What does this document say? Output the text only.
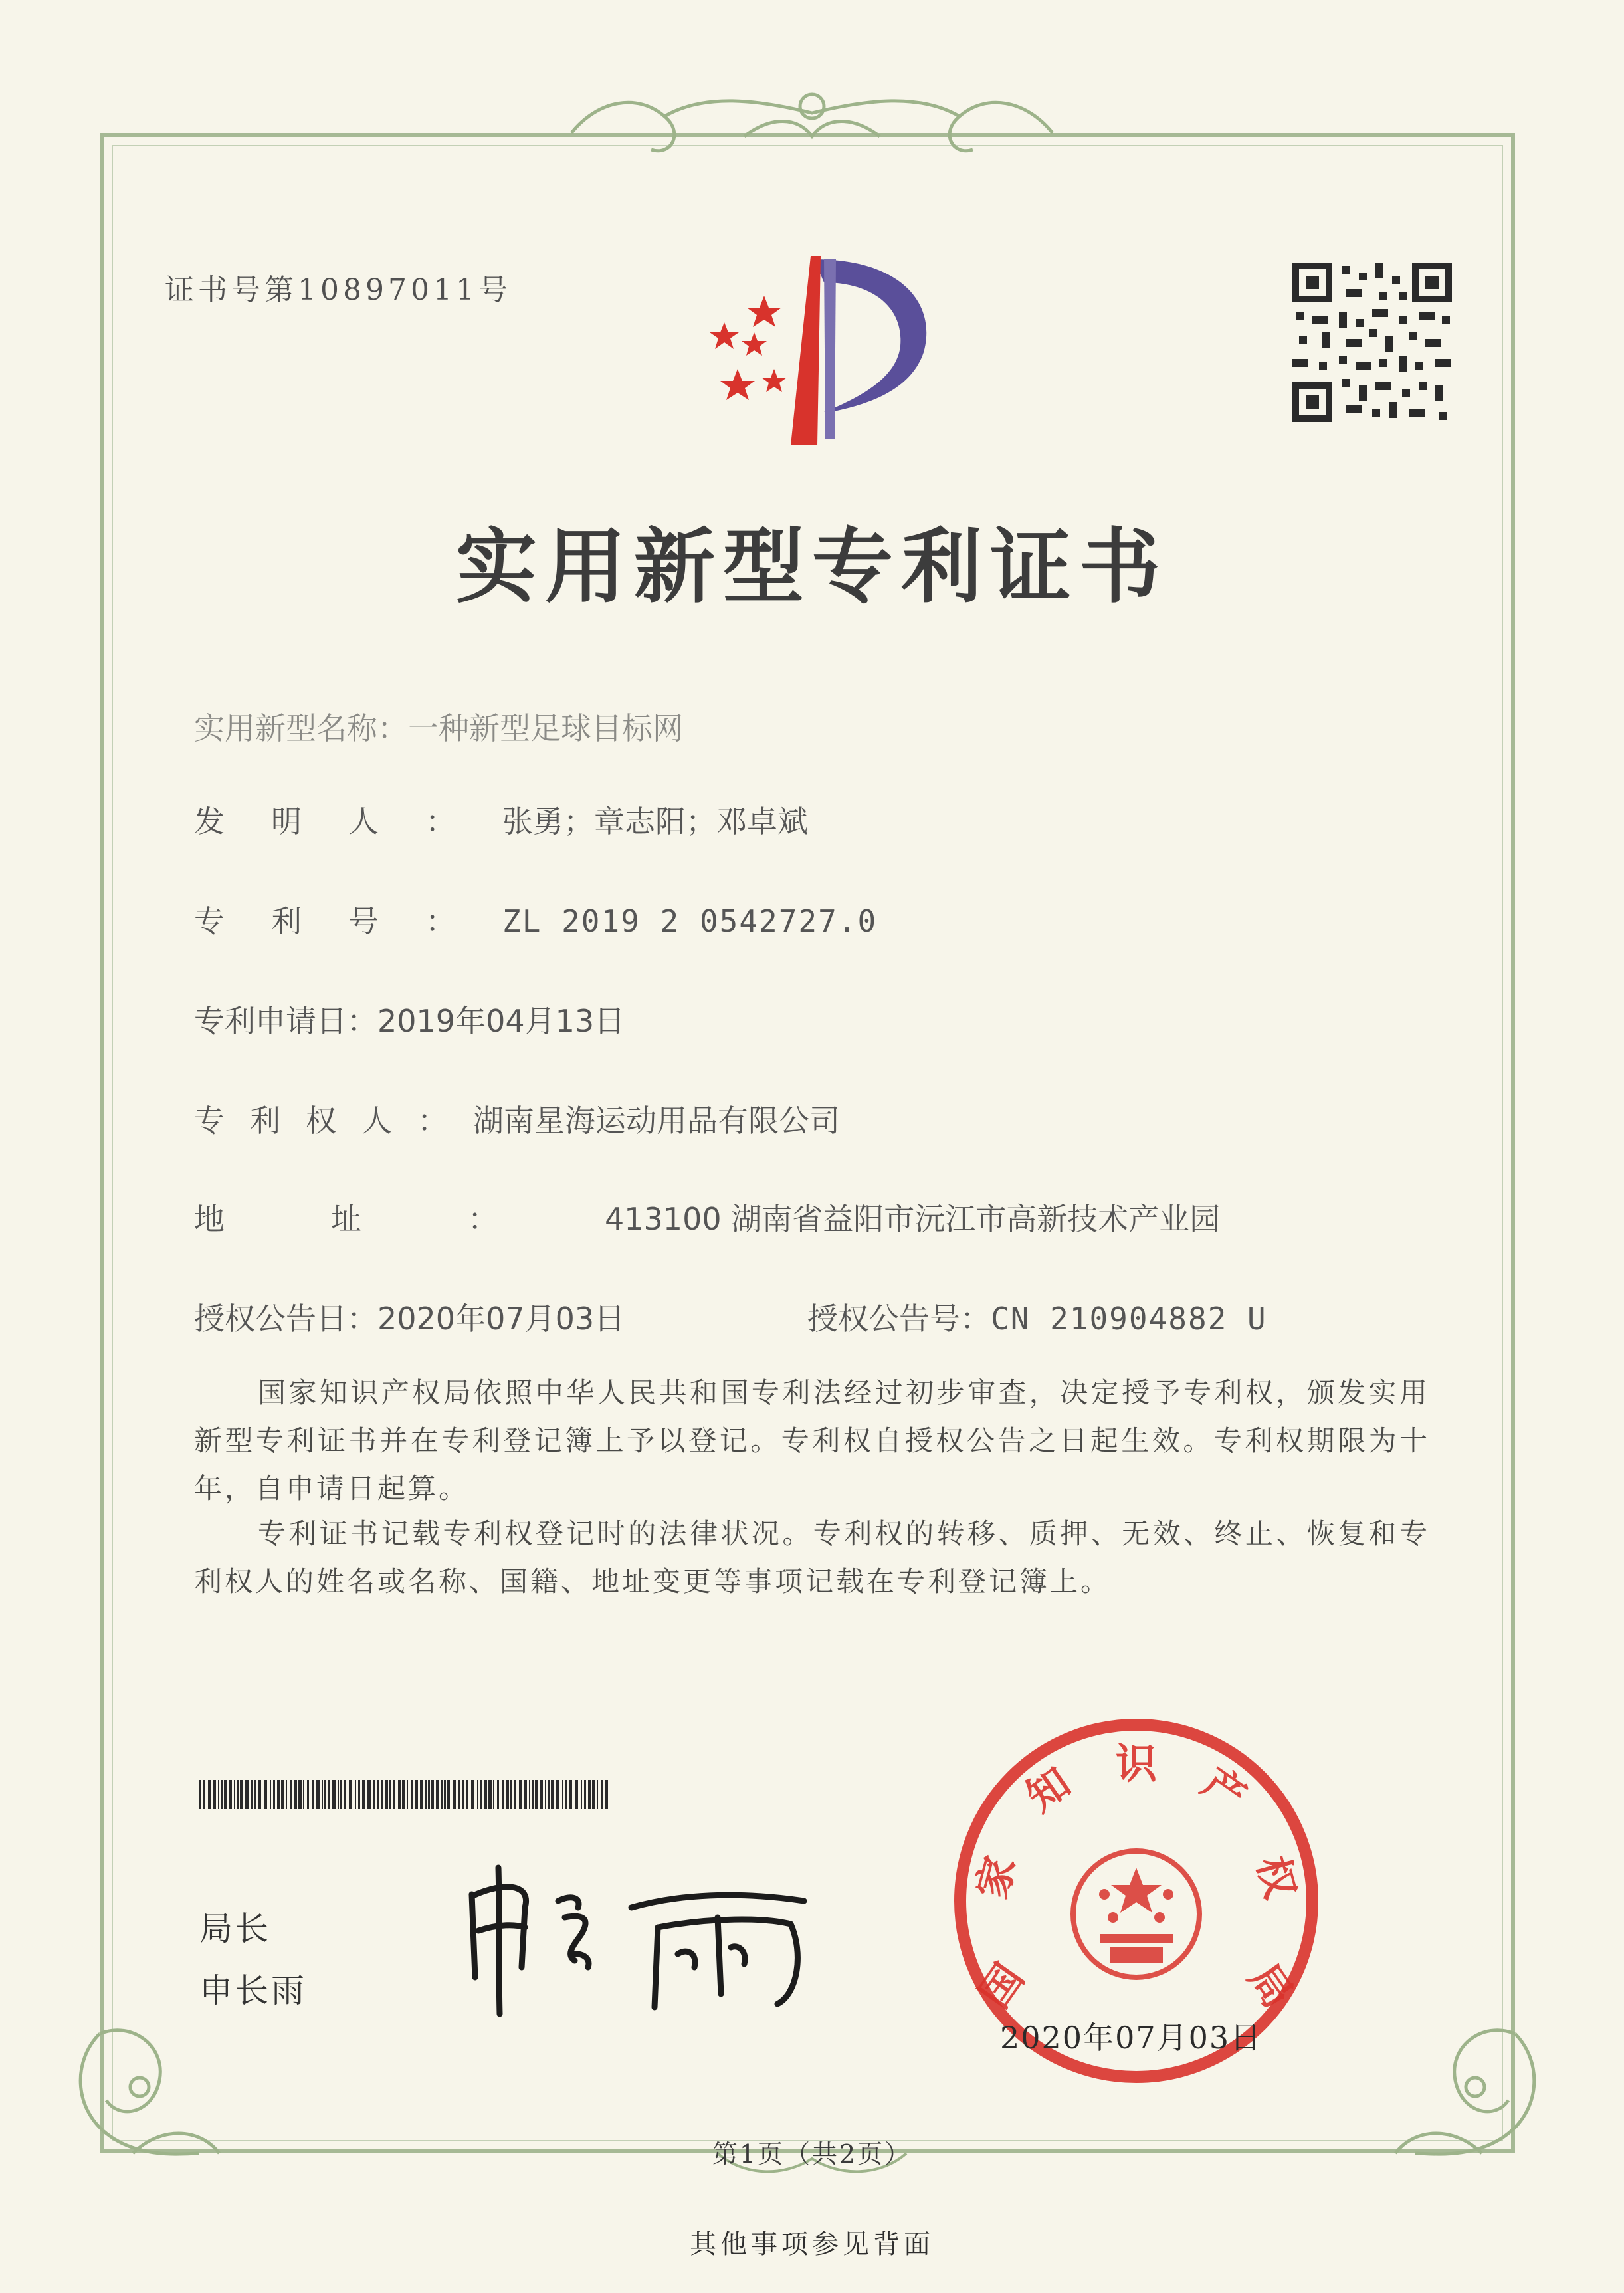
证书号第10897011号
实用新型专利证书
实用新型名称：一种新型足球目标网
发明人：张勇；章志阳；邓卓斌
专利号：ZL 2019 2 0542727.0
专利申请日：2019年04月13日
专利权人：湖南星海运动用品有限公司
地址：413100 湖南省益阳市沅江市高新技术产业园
授权公告日：2020年07月03日	授权公告号：CN 210904882 U
国家知识产权局依照中华人民共和国专利法经过初步审查，决定授予专利权，颁发实用新型专利证书并在专利登记簿上予以登记。专利权自授权公告之日起生效。专利权期限为十年，自申请日起算。
专利证书记载专利权登记时的法律状况。专利权的转移、质押、无效、终止、恢复和专利权人的姓名或名称、国籍、地址变更等事项记载在专利登记簿上。
局长
申长雨	国
家
知 识 产
权
局
2020年07月03日
第1页（共2页）
其他事项参见背面
